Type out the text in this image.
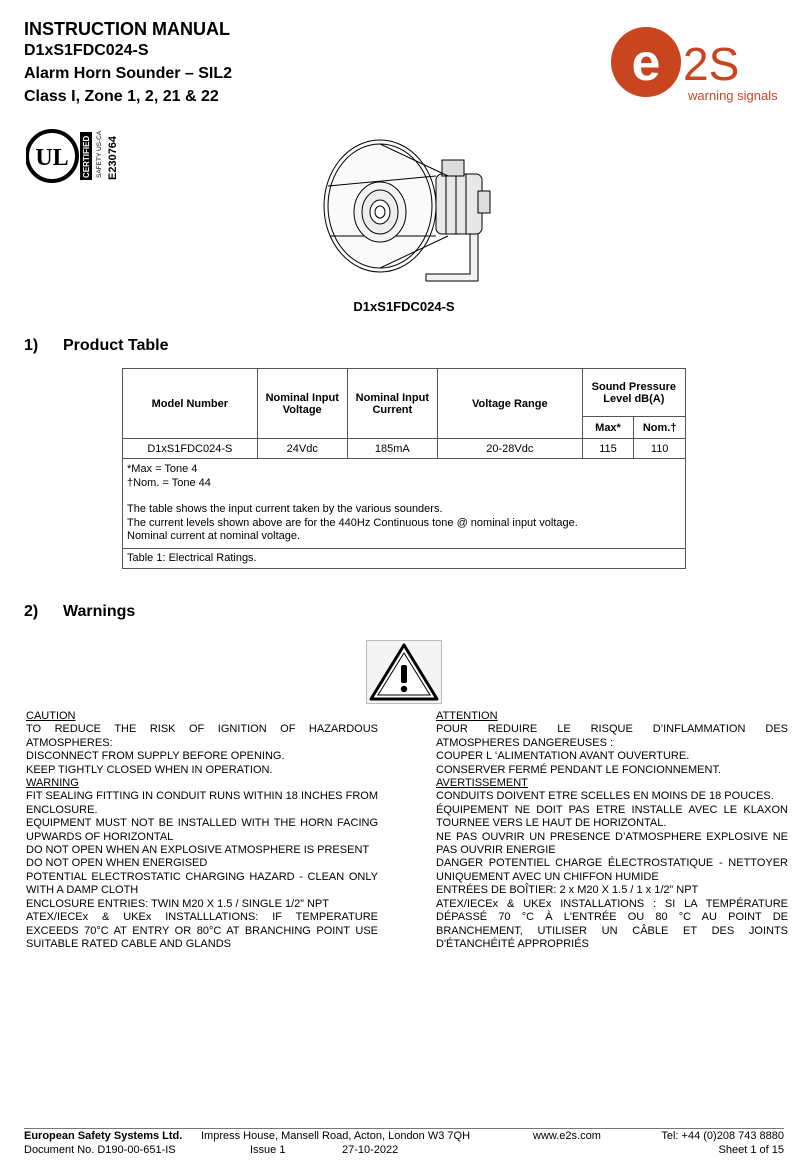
INSTRUCTION MANUAL
D1xS1FDC024-S
Alarm Horn Sounder – SIL2
Class I, Zone 1, 2, 21 & 22
e 2S
warning signals
UL CERTIFIED SAFETY US-CA E230764
D1xS1FDC024-S
1) Product Table
Model Number	Nominal Input Voltage	Nominal Input Current	Voltage Range	Sound Pressure Level dB(A)	
				Max*	Nom.†
D1xS1FDC024-S	24Vdc	185mA	20-28Vdc	115	110

*Max = Tone 4
†Nom. = Tone 44
The table shows the input current taken by the various sounders.
The current levels shown above are for the 440Hz Continuous tone @ nominal input voltage.
Nominal current at nominal voltage.					

Table 1: Electrical Ratings.					
2) Warnings
CAUTION
TO REDUCE THE RISK OF IGNITION OF HAZARDOUS ATMOSPHERES:
DISCONNECT FROM SUPPLY BEFORE OPENING.
KEEP TIGHTLY CLOSED WHEN IN OPERATION.
WARNING
FIT SEALING FITTING IN CONDUIT RUNS WITHIN 18 INCHES FROM ENCLOSURE.
EQUIPMENT MUST NOT BE INSTALLED WITH THE HORN FACING UPWARDS OF HORIZONTAL
DO NOT OPEN WHEN AN EXPLOSIVE ATMOSPHERE IS PRESENT
DO NOT OPEN WHEN ENERGISED
POTENTIAL ELECTROSTATIC CHARGING HAZARD - CLEAN ONLY WITH A DAMP CLOTH
ENCLOSURE ENTRIES: TWIN M20 X 1.5 / SINGLE 1/2” NPT
ATEX/IECEx & UKEx INSTALLLATIONS: IF TEMPERATURE EXCEEDS 70°C AT ENTRY OR 80°C AT BRANCHING POINT USE SUITABLE RATED CABLE AND GLANDS
ATTENTION
POUR REDUIRE LE RISQUE D’INFLAMMATION DES ATMOSPHERES DANGEREUSES :
COUPER L ‘ALIMENTATION AVANT OUVERTURE.
CONSERVER FERMÉ PENDANT LE FONCIONNEMENT.
AVERTISSEMENT
CONDUITS DOIVENT ETRE SCELLES EN MOINS DE 18 POUCES.
ÉQUIPEMENT NE DOIT PAS ETRE INSTALLE AVEC LE KLAXON TOURNEE VERS LE HAUT DE HORIZONTAL.
NE PAS OUVRIR UN PRESENCE D’ATMOSPHERE EXPLOSIVE NE PAS OUVRIR ENERGIE
DANGER POTENTIEL CHARGE ÉLECTROSTATIQUE - NETTOYER UNIQUEMENT AVEC UN CHIFFON HUMIDE
ENTRÉES DE BOÎTIER: 2 x M20 X 1.5 / 1 x 1/2” NPT
ATEX/IECEx & UKEx INSTALLATIONS : SI LA TEMPÉRATURE DÉPASSÉ 70 °C À L'ENTRÉE OU 80 °C AU POINT DE BRANCHEMENT, UTILISER UN CÂBLE ET DES JOINTS D'ÉTANCHÉITÉ APPROPRIÉS
European Safety Systems Ltd. Impress House, Mansell Road, Acton, London W3 7QH	www.e2s.com	Tel: +44 (0)208 743 8880
Document No. D190-00-651-IS	Issue 1	27-10-2022	Sheet 1 of 15
